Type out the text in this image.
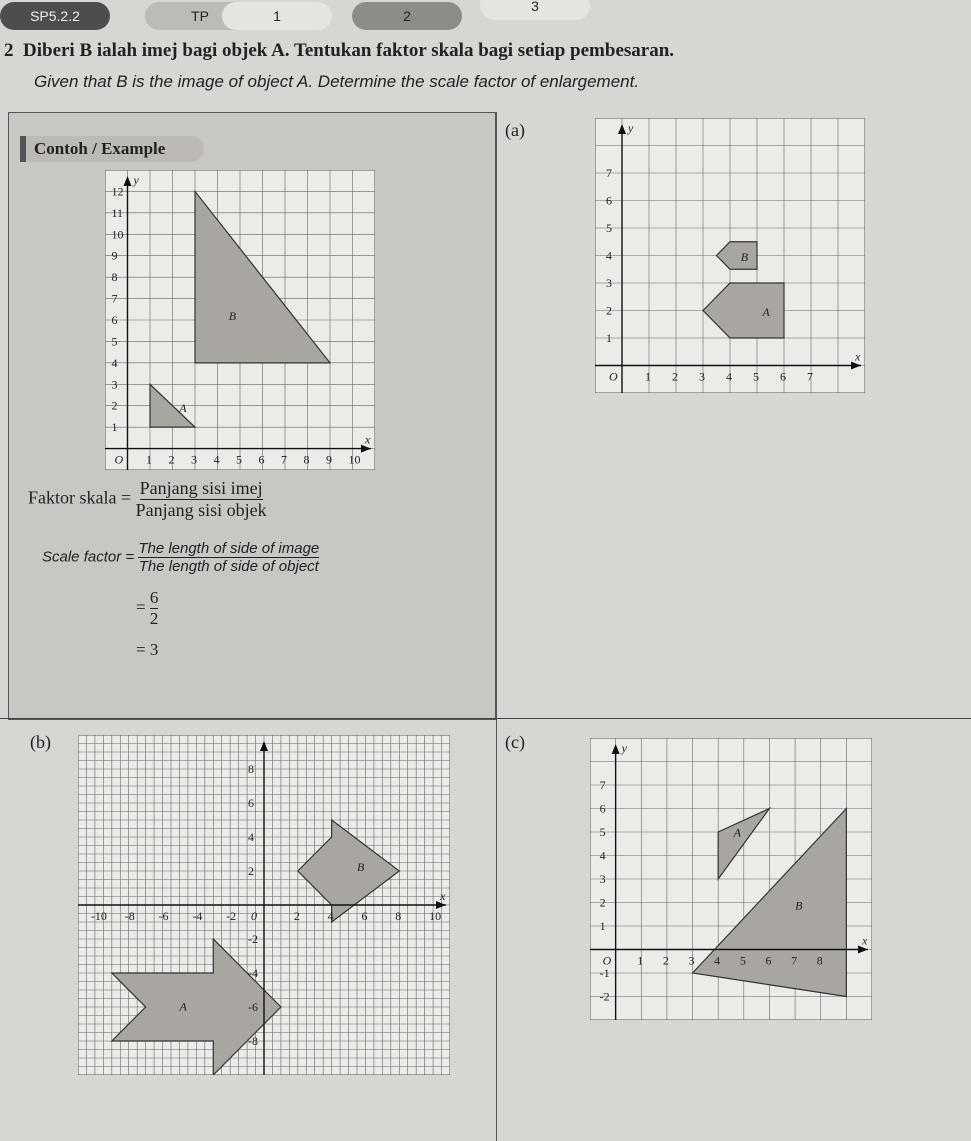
SP5.2.2	TP	1	2
3
2 Diberi B ialah imej bagi objek A. Tentukan faktor skala bagi setiap pembesaran.
Given that B is the image of object A. Determine the scale factor of enlargement.
Contoh / Example
A
B
1 2 3 4 5 6 7 8 9 10
1
2
3
4
5
6
7
8
9
10
11
12
O
x
y
Faktor skala = $\frac{\text{Panjang sisi imej}}{\text{Panjang sisi objek}}$
Scale factor = $\frac{\text{The length of side of image}}{\text{The length of side of object}}$
= $\frac{6}{2}$
= 3
(a)
B
A
1 2 3 4 5 6 7
1
2
3
4
5
6
7
O
x
y
(b)
B
A
-10 -8 -6 -4 -2	2 4 6 8 10
-8
-6
-4
-2
2
4
6
8
0
x
(c)
A
B
1 2 3 4 5 6 7 8
-2
-1
1
2
3
4
5
6
7
O
x
y
